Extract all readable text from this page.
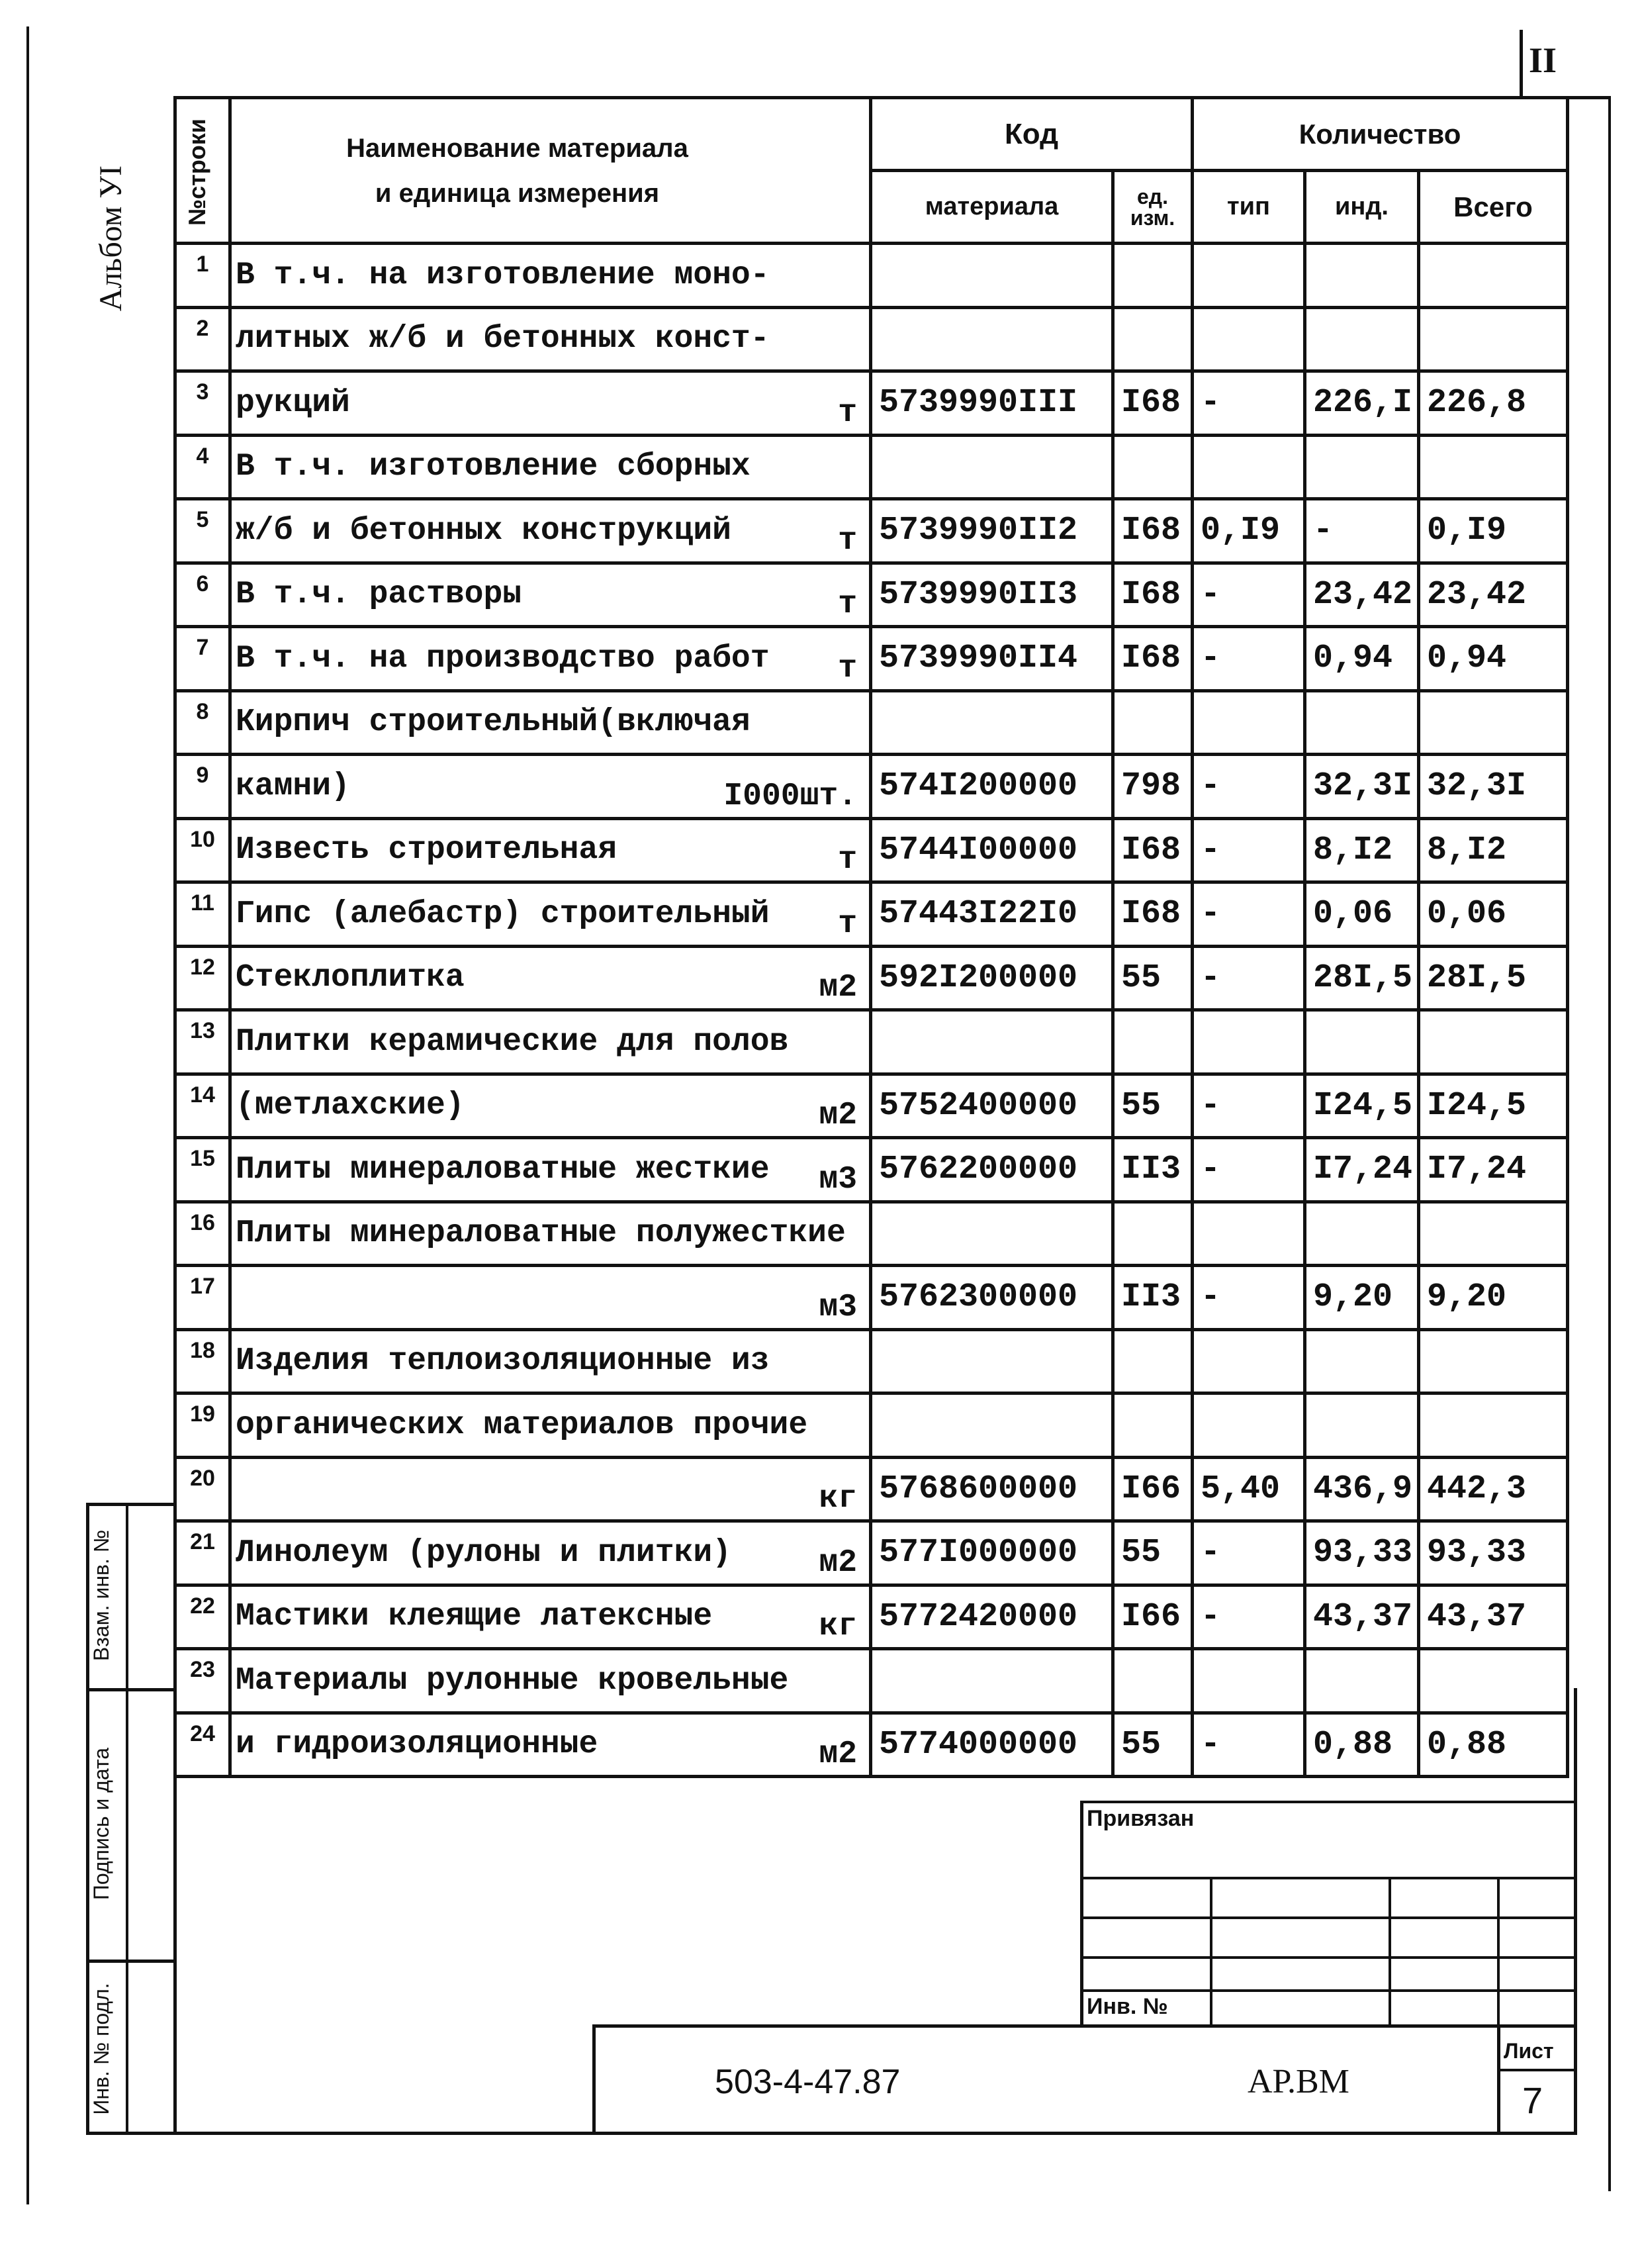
II
Альбом УI №строки	Наименование материала
и единица измерения	Код		Количество		
		материала	ед. изм.	тип	инд.	Всего
1	В т.ч. на изготовление моно-

2	литных ж/б и бетонных конст-

3	рукций т	5739990III	I68	-	226,I	226,8
4	В т.ч. изготовление сборных

5	ж/б и бетонных конструкций т	5739990II2	I68	0,I9	-	0,I9
6	В т.ч. растворы т	5739990II3	I68	-	23,42	23,42
7	В т.ч. на производство работ т	5739990II4	I68	-	0,94	0,94
8	Кирпич строительный(включая

9	камни) I000шт.	574I200000	798	-	32,3I	32,3I
10	Известь строительная т	5744I00000	I68	-	8,I2	8,I2
11	Гипс (алебастр) строительный т	57443I22I0	I68	-	0,06	0,06
12	Стеклоплитка м2	592I200000	55	-	28I,5	28I,5
13	Плитки керамические для полов

14	(метлахские) м2	5752400000	55	-	I24,5	I24,5
15	Плиты минераловатные жесткие м3	5762200000	II3	-	I7,24	I7,24
16	Плиты минераловатные полужесткие

17	м3	5762300000	II3	-	9,20	9,20
18	Изделия теплоизоляционные из

19	органических материалов прочие

20	кг	5768600000	I66	5,40	436,9	442,3
21	Линолеум (рулоны и плитки) м2	577I000000	55	-	93,33	93,33
22	Мастики клеящие латексные кг	5772420000	I66	-	43,37	43,37
23	Материалы рулонные кровельные

24	и гидроизоляционные м2	5774000000	55	-	0,88	0,88
Взам. инв. №
Подпись и дата
Инв. № подл.
Привязан
Инв. №
503-4-47.87	АР.ВМ
Лист
7
